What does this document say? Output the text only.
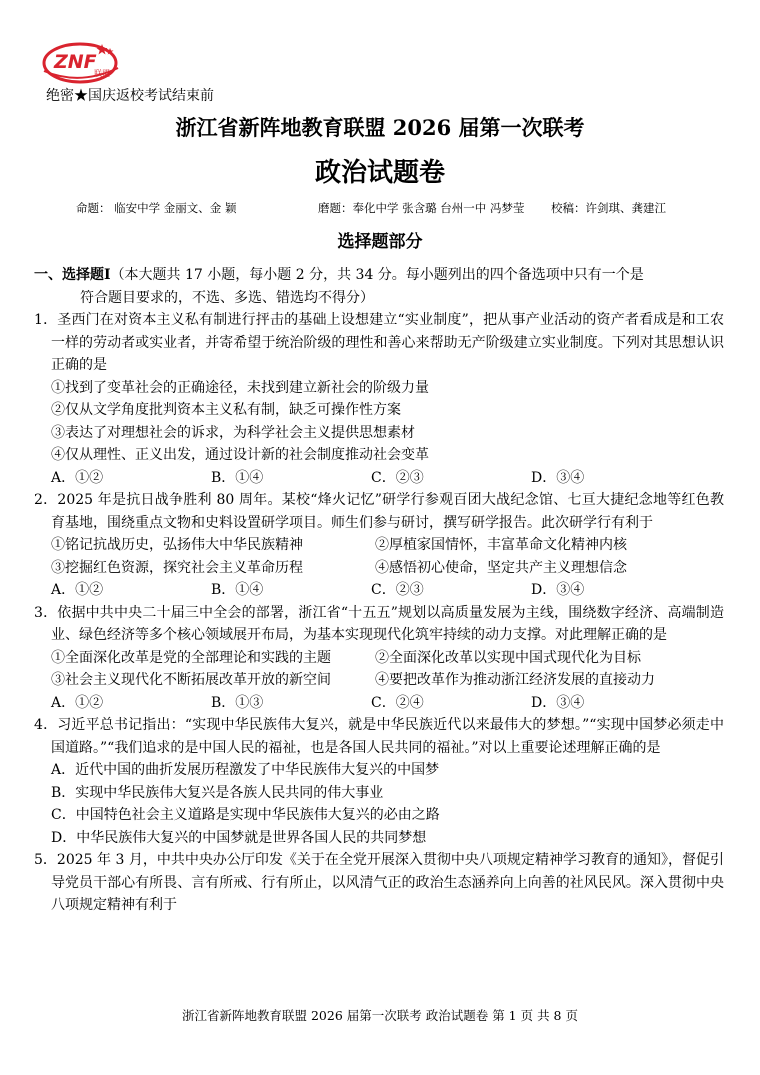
ZNF
联盟
绝密★国庆返校考试结束前
浙江省新阵地教育联盟 2026 届第一次联考
政治试题卷
命题： 临安中学 金丽文、金 颖	磨题：奉化中学 张含璐 台州一中 冯梦莹 校稿：许剑琪、龚建江
选择题部分

一、选择题Ⅰ（本大题共 17 小题，每小题 2 分，共 34 分。每小题列出的四个备选项中只有一个是

符合题目要求的，不选、多选、错选均不得分）

1．圣西门在对资本主义私有制进行抨击的基础上设想建立“实业制度”，把从事产业活动的资产者看成是和工农一样的劳动者或实业者，并寄希望于统治阶级的理性和善心来帮助无产阶级建立实业制度。下列对其思想认识正确的是

①找到了变革社会的正确途径，未找到建立新社会的阶级力量

②仅从文学角度批判资本主义私有制，缺乏可操作性方案

③表达了对理想社会的诉求，为科学社会主义提供思想素材

④仅从理性、正义出发，通过设计新的社会制度推动社会变革

A．①②	B．①④	C．②③	D．③④

2．2025 年是抗日战争胜利 80 周年。某校“烽火记忆”研学行参观百团大战纪念馆、七亘大捷纪念地等红色教育基地，围绕重点文物和史料设置研学项目。师生们参与研讨，撰写研学报告。此次研学行有利于

①铭记抗战历史，弘扬伟大中华民族精神	②厚植家国情怀，丰富革命文化精神内核

③挖掘红色资源，探究社会主义革命历程	④感悟初心使命，坚定共产主义理想信念

A．①②	B．①④	C．②③	D．③④

3．依据中共中央二十届三中全会的部署，浙江省“十五五”规划以高质量发展为主线，围绕数字经济、高端制造业、绿色经济等多个核心领域展开布局，为基本实现现代化筑牢持续的动力支撑。对此理解正确的是

①全面深化改革是党的全部理论和实践的主题	②全面深化改革以实现中国式现代化为目标

③社会主义现代化不断拓展改革开放的新空间	④要把改革作为推动浙江经济发展的直接动力

A．①②	B．①③	C．②④	D．③④

4．习近平总书记指出：“实现中华民族伟大复兴，就是中华民族近代以来最伟大的梦想。”“实现中国梦必须走中国道路。”“我们追求的是中国人民的福祉，也是各国人民共同的福祉。”对以上重要论述理解正确的是

A．近代中国的曲折发展历程激发了中华民族伟大复兴的中国梦

B．实现中华民族伟大复兴是各族人民共同的伟大事业

C．中国特色社会主义道路是实现中华民族伟大复兴的必由之路

D．中华民族伟大复兴的中国梦就是世界各国人民的共同梦想

5．2025 年 3 月，中共中央办公厅印发《关于在全党开展深入贯彻中央八项规定精神学习教育的通知》，督促引导党员干部心有所畏、言有所戒、行有所止，以风清气正的政治生态涵养向上向善的社风民风。深入贯彻中央八项规定精神有利于

浙江省新阵地教育联盟 2026 届第一次联考 政治试题卷 第 1 页 共 8 页
